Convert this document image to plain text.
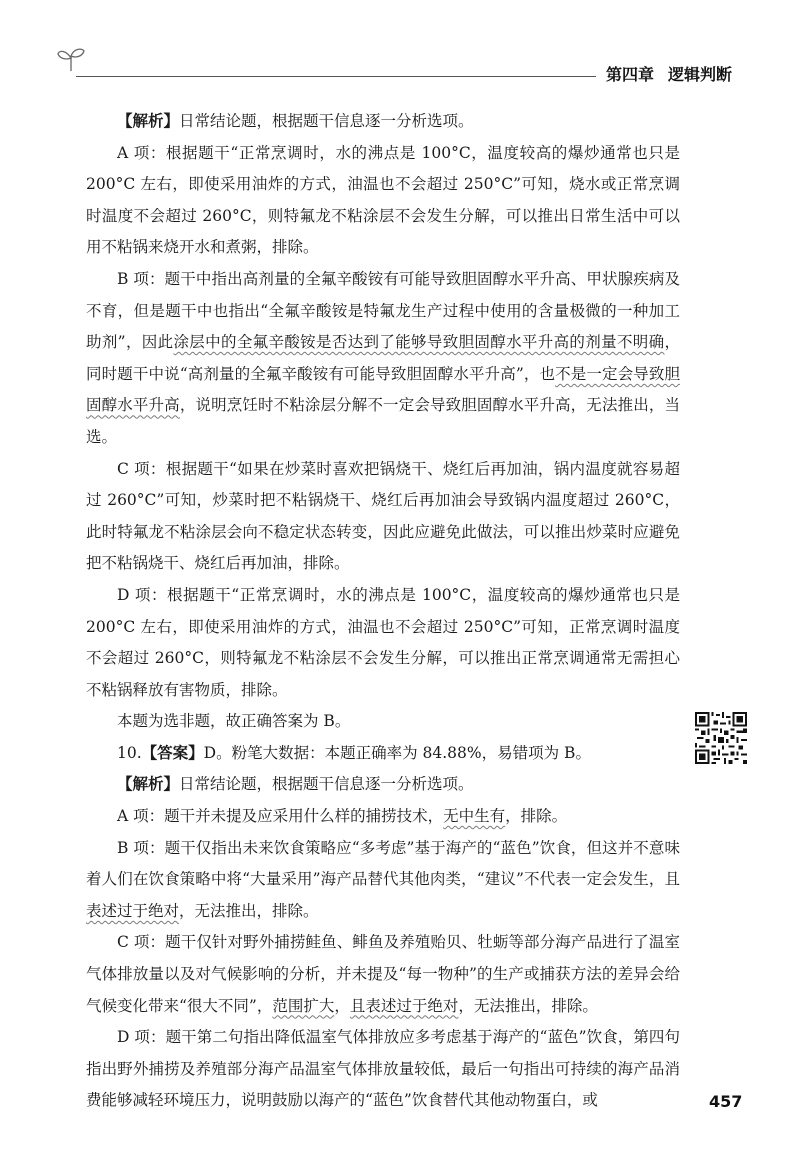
第四章 逻辑判断

【解析】日常结论题，根据题干信息逐一分析选项。

A 项：根据题干“正常烹调时，水的沸点是 100°C，温度较高的爆炒通常也只是 200°C 左右，即使采用油炸的方式，油温也不会超过 250°C”可知，烧水或正常烹调时温度不会超过 260°C，则特氟龙不粘涂层不会发生分解，可以推出日常生活中可以用不粘锅来烧开水和煮粥，排除。

B 项：题干中指出高剂量的全氟辛酸铵有可能导致胆固醇水平升高、甲状腺疾病及不育，但是题干中也指出“全氟辛酸铵是特氟龙生产过程中使用的含量极微的一种加工助剂”，因此涂层中的全氟辛酸铵是否达到了能够导致胆固醇水平升高的剂量不明确，同时题干中说“高剂量的全氟辛酸铵有可能导致胆固醇水平升高”，也不是一定会导致胆固醇水平升高，说明烹饪时不粘涂层分解不一定会导致胆固醇水平升高，无法推出，当选。

C 项：根据题干“如果在炒菜时喜欢把锅烧干、烧红后再加油，锅内温度就容易超过 260°C”可知，炒菜时把不粘锅烧干、烧红后再加油会导致锅内温度超过 260°C，此时特氟龙不粘涂层会向不稳定状态转变，因此应避免此做法，可以推出炒菜时应避免把不粘锅烧干、烧红后再加油，排除。

D 项：根据题干“正常烹调时，水的沸点是 100°C，温度较高的爆炒通常也只是 200°C 左右，即使采用油炸的方式，油温也不会超过 250°C”可知，正常烹调时温度不会超过 260°C，则特氟龙不粘涂层不会发生分解，可以推出正常烹调通常无需担心不粘锅释放有害物质，排除。

本题为选非题，故正确答案为 B。

10.【答案】D。粉笔大数据：本题正确率为 84.88%，易错项为 B。

【解析】日常结论题，根据题干信息逐一分析选项。

A 项：题干并未提及应采用什么样的捕捞技术，无中生有，排除。

B 项：题干仅指出未来饮食策略应“多考虑”基于海产的“蓝色”饮食，但这并不意味着人们在饮食策略中将“大量采用”海产品替代其他肉类，“建议”不代表一定会发生，且表述过于绝对，无法推出，排除。

C 项：题干仅针对野外捕捞鲑鱼、鲱鱼及养殖贻贝、牡蛎等部分海产品进行了温室气体排放量以及对气候影响的分析，并未提及“每一物种”的生产或捕获方法的差异会给气候变化带来“很大不同”，范围扩大，且表述过于绝对，无法推出，排除。

D 项：题干第二句指出降低温室气体排放应多考虑基于海产的“蓝色”饮食，第四句指出野外捕捞及养殖部分海产品温室气体排放量较低，最后一句指出可持续的海产品消费能够减轻环境压力，说明鼓励以海产的“蓝色”饮食替代其他动物蛋白，或	457
